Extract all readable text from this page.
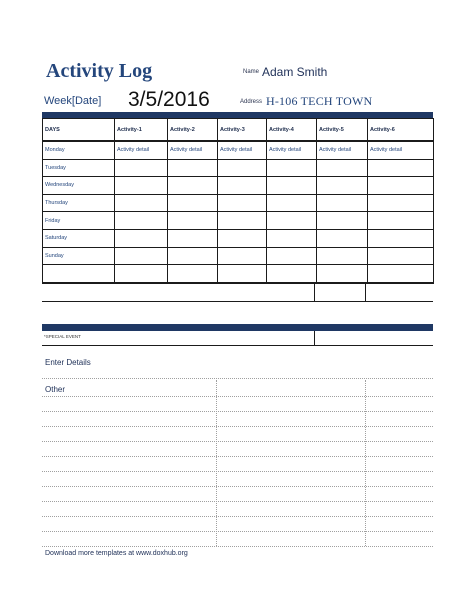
Activity Log	Name Adam Smith
Week[Date] 3/5/2016	Address H-106 TECH TOWN
DAYS	Activity-1	Activity-2	Activity-3	Activity-4	Activity-5	Activity-6
Monday	Activity detail	Activity detail	Activity detail	Activity detail	Activity detail	Activity detail
Tuesday						
Wednesday						
Thursday						
Friday						
Saturday						
Sunday						

*SPECIAL EVENT
Enter Details
Other
Download more templates at www.doxhub.org
